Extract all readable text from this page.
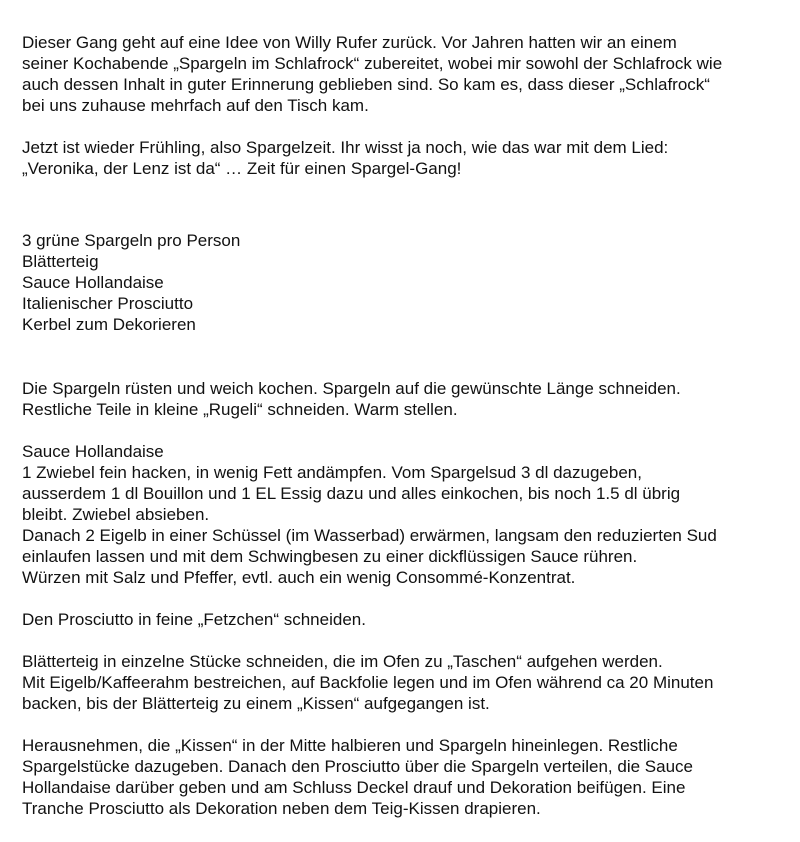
Dieser Gang geht auf eine Idee von Willy Rufer zurück. Vor Jahren hatten wir an einem
seiner Kochabende „Spargeln im Schlafrock“ zubereitet, wobei mir sowohl der Schlafrock wie
auch dessen Inhalt in guter Erinnerung geblieben sind. So kam es, dass dieser „Schlafrock“
bei uns zuhause mehrfach auf den Tisch kam.

Jetzt ist wieder Frühling, also Spargelzeit. Ihr wisst ja noch, wie das war mit dem Lied:
„Veronika, der Lenz ist da“ … Zeit für einen Spargel-Gang!

3 grüne Spargeln pro Person
Blätterteig
Sauce Hollandaise
Italienischer Prosciutto
Kerbel zum Dekorieren

Die Spargeln rüsten und weich kochen. Spargeln auf die gewünschte Länge schneiden.
Restliche Teile in kleine „Rugeli“ schneiden. Warm stellen.

Sauce Hollandaise
1 Zwiebel fein hacken, in wenig Fett andämpfen. Vom Spargelsud 3 dl dazugeben,
ausserdem 1 dl Bouillon und 1 EL Essig dazu und alles einkochen, bis noch 1.5 dl übrig
bleibt. Zwiebel absieben.
Danach 2 Eigelb in einer Schüssel (im Wasserbad) erwärmen, langsam den reduzierten Sud
einlaufen lassen und mit dem Schwingbesen zu einer dickflüssigen Sauce rühren.
Würzen mit Salz und Pfeffer, evtl. auch ein wenig Consommé-Konzentrat.

Den Prosciutto in feine „Fetzchen“ schneiden.

Blätterteig in einzelne Stücke schneiden, die im Ofen zu „Taschen“ aufgehen werden.
Mit Eigelb/Kaffeerahm bestreichen, auf Backfolie legen und im Ofen während ca 20 Minuten
backen, bis der Blätterteig zu einem „Kissen“ aufgegangen ist.

Herausnehmen, die „Kissen“ in der Mitte halbieren und Spargeln hineinlegen. Restliche
Spargelstücke dazugeben. Danach den Prosciutto über die Spargeln verteilen, die Sauce
Hollandaise darüber geben und am Schluss Deckel drauf und Dekoration beifügen. Eine
Tranche Prosciutto als Dekoration neben dem Teig-Kissen drapieren.
